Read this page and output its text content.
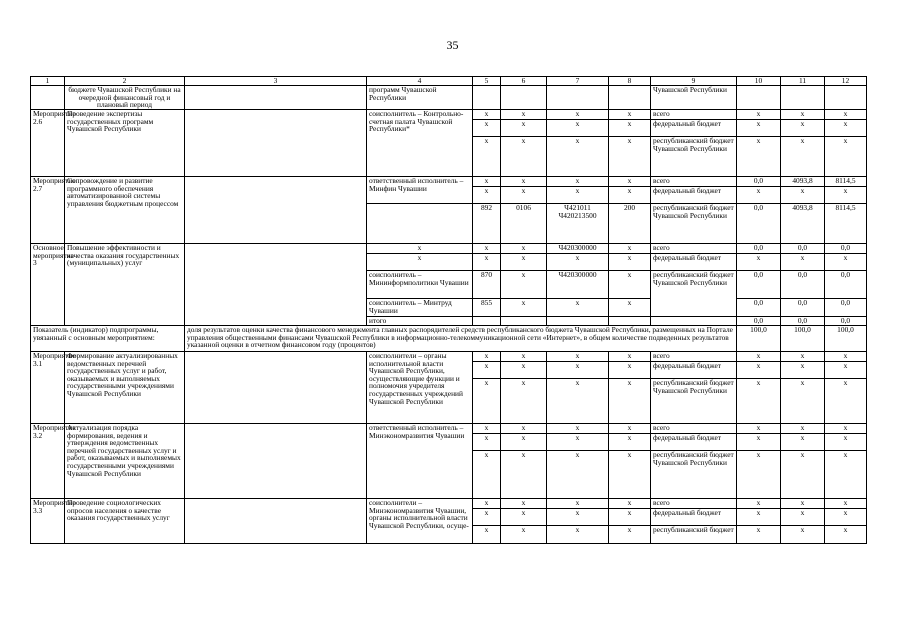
35
1	2	3	4	5	6	7	8	9	10	11	12
	бюджете Чувашской Республики на очередной финансовый год и плановый период		программ Чувашской Республики					Чувашской Республики			
Мероприятие 2.6	Проведение экспертизы государственных программ Чувашской Республики		соисполнитель – Контрольно-счетная палата Чувашской Республики*	x	x	x	x	всего	x	x	x
				x	x	x	x	федеральный бюджет	x	x	x
				x	x	x	x	республиканский бюджет Чувашской Республики	x	x	x
Мероприятие 2.7	Сопровождение и развитие программного обеспечения автоматизированной системы управления бюджетным процессом		ответственный исполнитель – Минфин Чувашии	x	x	x	x	всего	0,0	4093,8	8114,5
				x	x	x	x	федеральный бюджет	x	x	x
				892	0106	Ч421011 Ч420213500	200	республиканский бюджет Чувашской Республики	0,0	4093,8	8114,5
Основное мероприятие 3	Повышение эффективности и качества оказания государственных (муниципальных) услуг		x	x	x	Ч420300000	x	всего	0,0	0,0	0,0
			x	x	x	x	x	федеральный бюджет	x	x	x
			соисполнитель – Мининформполитики Чувашии	870	x	Ч420300000	x	республиканский бюджет Чувашской Республики	0,0	0,0	0,0
			соисполнитель – Минтруд Чувашии	855	x	x	x		0,0	0,0	0,0
			итого						0,0	0,0	0,0
Показатель (индикатор) подпрограммы, увязанный с основным мероприятием:		доля результатов оценки качества финансового менеджмента главных распорядителей средств республиканского бюджета Чувашской Республики, размещенных на Портале управления общественными финансами Чувашской Республики в информационно-телекоммуникационной сети «Интернет», в общем количестве подведенных результатов указанной оценки в отчетном финансовом году (процентов)							100,0	100,0	100,0
Мероприятие 3.1	Формирование актуализированных ведомственных перечней государственных услуг и работ, оказываемых и выполняемых государственными учреждениями Чувашской Республики		соисполнители – органы исполнительной власти Чувашской Республики, осуществляющие функции и полномочия учредителя государственных учреждений Чувашской Республики	x	x	x	x	всего	x	x	x
				x	x	x	x	федеральный бюджет	x	x	x
				x	x	x	x	республиканский бюджет Чувашской Республики	x	x	x
Мероприятие 3.2	Актуализация порядка формирования, ведения и утверждения ведомственных перечней государственных услуг и работ, оказываемых и выполняемых государственными учреждениями Чувашской Республики		ответственный исполнитель – Минэкономразвития Чувашии	x	x	x	x	всего	x	x	x
				x	x	x	x	федеральный бюджет	x	x	x
				x	x	x	x	республиканский бюджет Чувашской Республики	x	x	x
Мероприятие 3.3	Проведение социологических опросов населения о качестве оказания государственных услуг		соисполнители – Минэкономразвития Чувашии, органы исполнительной власти Чувашской Республики, осуще-	x	x	x	x	всего	x	x	x
				x	x	x	x	федеральный бюджет	x	x	x
				x	x	x	x	республиканский бюджет	x	x	x
